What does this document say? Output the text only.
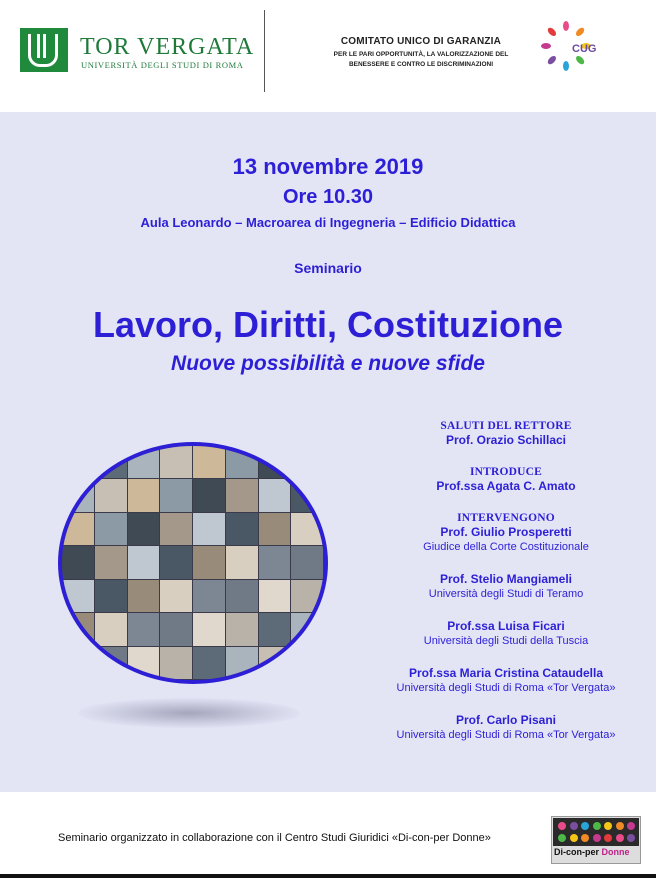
TOR VERGATA
UNIVERSITÀ DEGLI STUDI DI ROMA
COMITATO UNICO DI GARANZIA
PER LE PARI OPPORTUNITÀ, LA VALORIZZAZIONE DEL
BENESSERE E CONTRO LE DISCRIMINAZIONI
CUG
13 novembre 2019
Ore 10.30
Aula Leonardo – Macroarea di Ingegneria – Edificio Didattica
Seminario
Lavoro, Diritti, Costituzione
Nuove possibilità e nuove sfide
SALUTI DEL RETTORE
Prof. Orazio Schillaci
INTRODUCE
Prof.ssa Agata C. Amato
INTERVENGONO
Prof. Giulio Prosperetti
Giudice della Corte Costituzionale
Prof. Stelio Mangiameli
Università degli Studi di Teramo
Prof.ssa Luisa Ficari
Università degli Studi della Tuscia
Prof.ssa Maria Cristina Cataudella
Università degli Studi di Roma «Tor Vergata»
Prof. Carlo Pisani
Università degli Studi di Roma «Tor Vergata»
Seminario organizzato in collaborazione con il Centro Studi Giuridici «Di-con-per Donne»
Di-con-per Donne
